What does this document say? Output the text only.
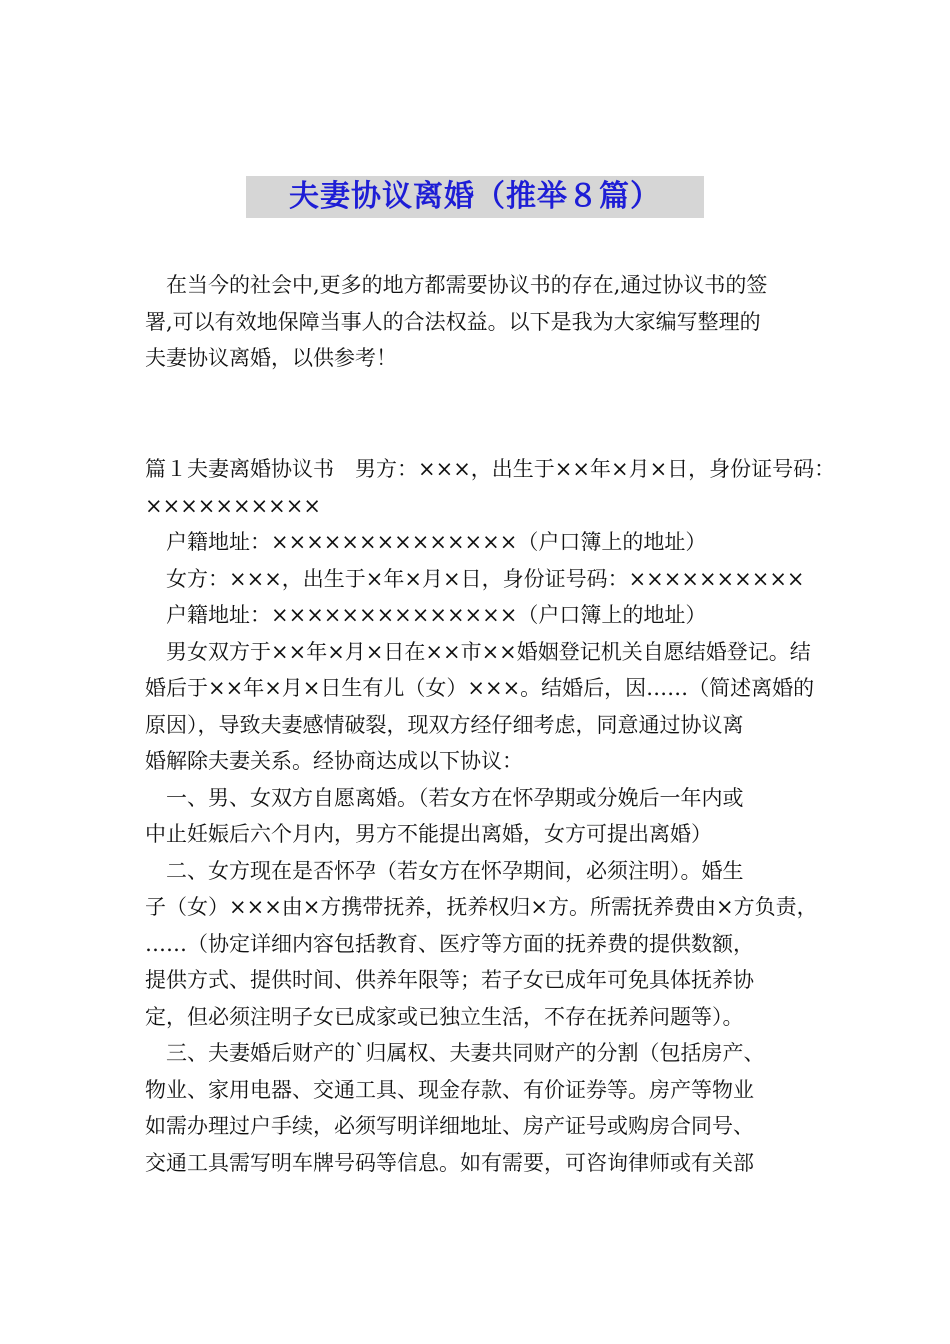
夫妻协议离婚（推举８篇）
在当今的社会中,更多的地方都需要协议书的存在,通过协议书的签
署,可以有效地保障当事人的合法权益。以下是我为大家编写整理的
夫妻协议离婚，以供参考！
篇１夫妻离婚协议书　男方：×××，出生于××年×月×日，身份证号码：
××××××××××
户籍地址：××××××××××××××（户口簿上的地址）
女方：×××，出生于×年×月×日，身份证号码：××××××××××
户籍地址：××××××××××××××（户口簿上的地址）
男女双方于××年×月×日在××市××婚姻登记机关自愿结婚登记。结
婚后于××年×月×日生有儿（女）×××。结婚后，因……（简述离婚的
原因），导致夫妻感情破裂，现双方经仔细考虑，同意通过协议离
婚解除夫妻关系。经协商达成以下协议：
一、男、女双方自愿离婚。（若女方在怀孕期或分娩后一年内或
中止妊娠后六个月内，男方不能提出离婚，女方可提出离婚）
二、女方现在是否怀孕（若女方在怀孕期间，必须注明）。婚生
子（女）×××由×方携带抚养，抚养权归×方。所需抚养费由×方负责，
……（协定详细内容包括教育、医疗等方面的抚养费的提供数额，
提供方式、提供时间、供养年限等；若子女已成年可免具体抚养协
定，但必须注明子女已成家或已独立生活，不存在抚养问题等）。
三、夫妻婚后财产的`归属权、夫妻共同财产的分割（包括房产、
物业、家用电器、交通工具、现金存款、有价证券等。房产等物业
如需办理过户手续，必须写明详细地址、房产证号或购房合同号、
交通工具需写明车牌号码等信息。如有需要，可咨询律师或有关部
